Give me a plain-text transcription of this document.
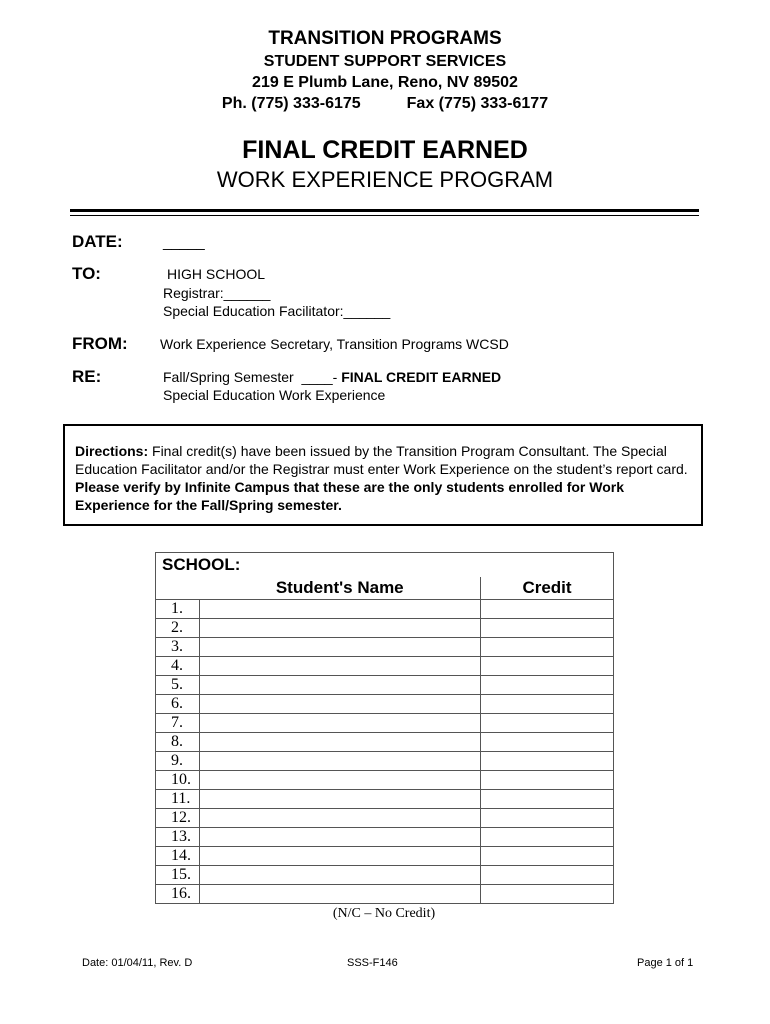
TRANSITION PROGRAMS
STUDENT SUPPORT SERVICES
219 E Plumb Lane, Reno, NV 89502
Ph. (775) 333-6175	Fax (775) 333-6177
FINAL CREDIT EARNED
WORK EXPERIENCE PROGRAM
DATE:	_____
TO:	HIGH SCHOOL
Registrar:______
Special Education Facilitator:______
FROM: Work Experience Secretary, Transition Programs WCSD
RE:	Fall/Spring Semester  ____- FINAL CREDIT EARNED
Special Education Work Experience
Directions: Final credit(s) have been issued by the Transition Program Consultant. The Special Education Facilitator and/or the Registrar must enter Work Experience on the student’s report card. Please verify by Infinite Campus that these are the only students enrolled for Work Experience for the Fall/Spring semester.
SCHOOL:		
	Student's Name	Credit
1.		
2.		
3.		
4.		
5.		
6.		
7.		
8.		
9.		
10.		
11.		
12.		
13.		
14.		
15.		
16.		
(N/C – No Credit)
Date: 01/04/11, Rev. D	SSS-F146	Page 1 of 1
